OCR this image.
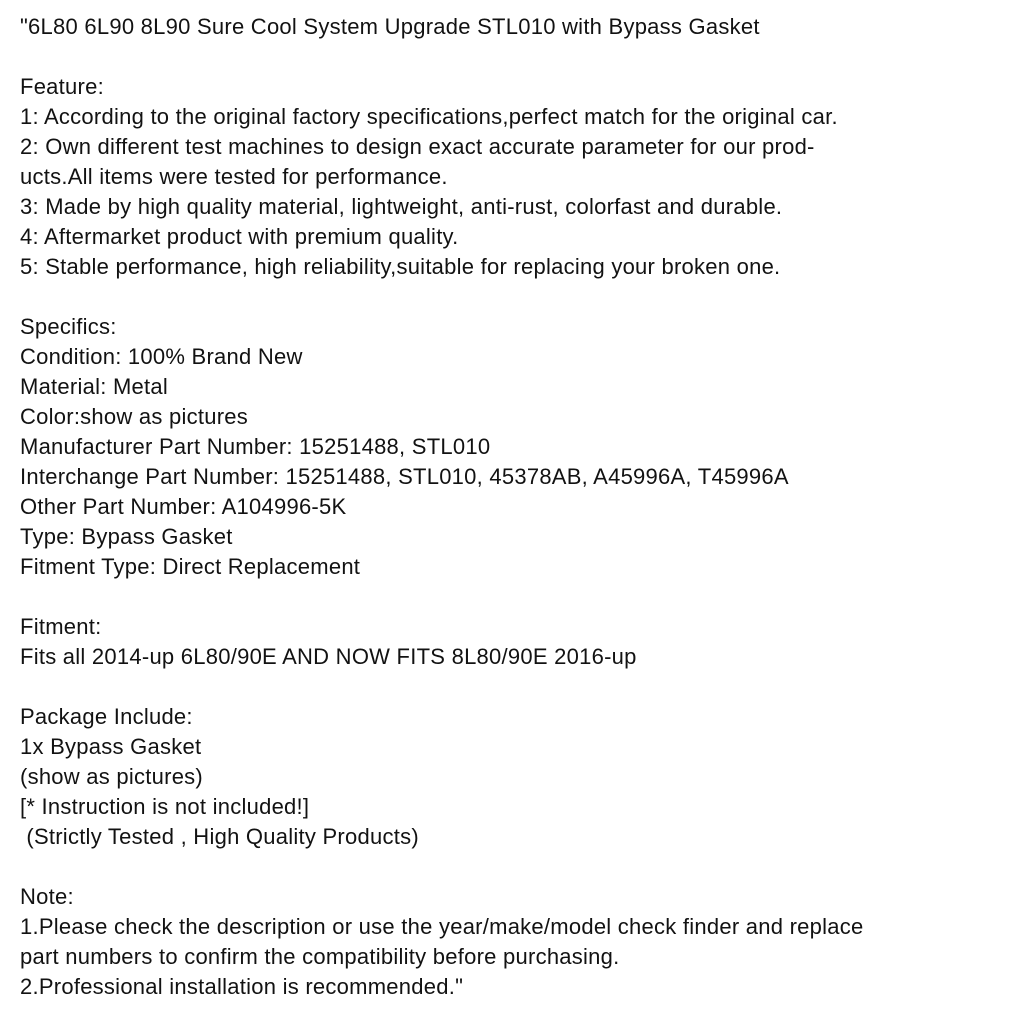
"6L80 6L90 8L90 Sure Cool System Upgrade STL010 with Bypass Gasket
Feature:
1: According to the original factory specifications,perfect match for the original car.
2: Own different test machines to design exact accurate parameter for our prod-
ucts.All items were tested for performance.
3: Made by high quality material, lightweight, anti-rust, colorfast and durable.
4: Aftermarket product with premium quality.
5: Stable performance, high reliability,suitable for replacing your broken one.
Specifics:
Condition: 100% Brand New
Material: Metal
Color:show as pictures
Manufacturer Part Number: 15251488, STL010
Interchange Part Number: 15251488, STL010, 45378AB, A45996A, T45996A
Other Part Number: A104996-5K
Type: Bypass Gasket
Fitment Type: Direct Replacement
Fitment:
Fits all 2014-up 6L80/90E AND NOW FITS 8L80/90E 2016-up
Package Include:
1x Bypass Gasket
(show as pictures)
[* Instruction is not included!]
(Strictly Tested , High Quality Products)
Note:
1.Please check the description or use the year/make/model check finder and replace
part numbers to confirm the compatibility before purchasing.
2.Professional installation is recommended."
